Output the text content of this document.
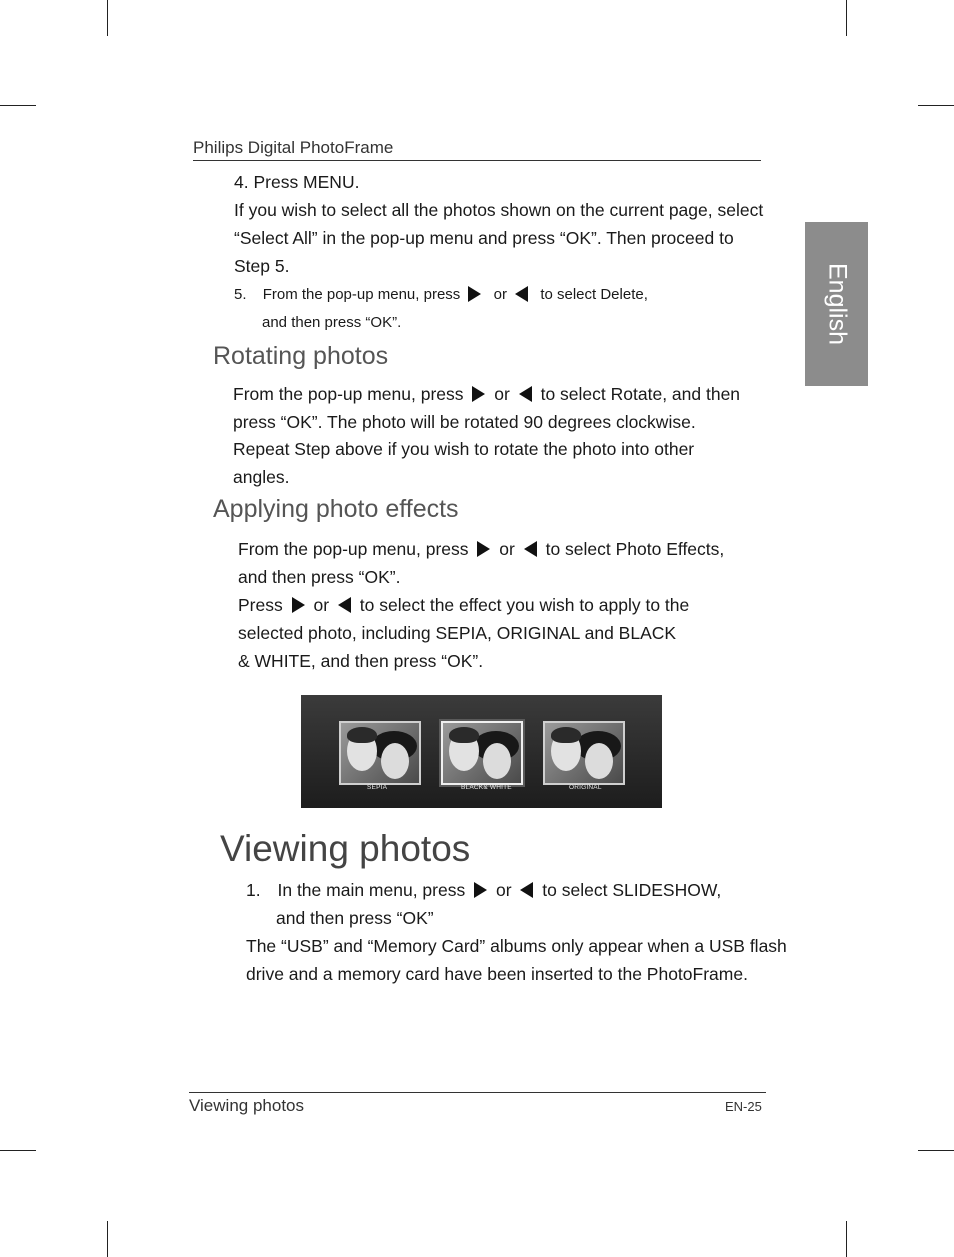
Philips Digital PhotoFrame
English
4. Press MENU.
If you wish to select all the photos shown on the current page, select
“Select All” in the pop-up menu and press “OK”. Then proceed to
Step 5.
5. From the pop-up menu, press or to select Delete,
and then press “OK”.
Rotating photos
From the pop-up menu, press or to select Rotate, and then
press “OK”. The photo will be rotated 90 degrees clockwise.
Repeat Step above if you wish to rotate the photo into other
angles.
Applying photo effects
From the pop-up menu, press or to select Photo Effects,
and then press “OK”.
Press or to select the effect you wish to apply to the
selected photo, including SEPIA, ORIGINAL and BLACK
& WHITE, and then press “OK”.
SEPIA	BLACK& WHITE	ORIGINAL
Viewing photos
1. In the main menu, press or to select SLIDESHOW,
and then press “OK”
The “USB” and “Memory Card” albums only appear when a USB flash
drive and a memory card have been inserted to the PhotoFrame.
Viewing photos	EN-25
